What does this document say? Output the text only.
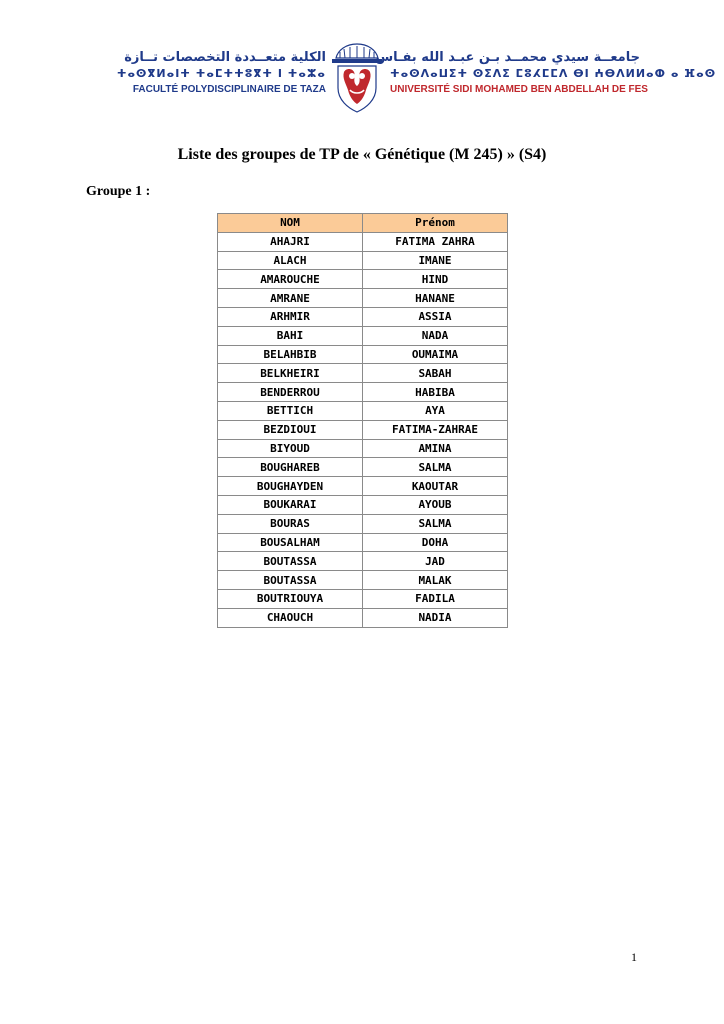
الكلية متعــددة التخصصات تــازة
ⵜⴰⵙⴳⵍⴰⵏⵜ ⵜⴰⵎⵜⵜⵓⴳⵜ ⵏ ⵜⴰⵣⴰ
FACULTÉ POLYDISCIPLINAIRE DE TAZA
جامعــة سيدي محمــد بـن عبـد الله بفـاس
ⵜⴰⵙⴷⴰⵡⵉⵜ ⵙⵉⴷⵉ ⵎⵓⵃⵎⵎⴷ ⴱⵏ ⵄⴱⴷⵍⵍⴰⵀ ⴰ ⴼⴰⵙ
UNIVERSITÉ SIDI MOHAMED BEN ABDELLAH DE FES
Liste des groupes de TP de « Génétique (M 245) » (S4)
Groupe 1 :
NOM	Prénom
AHAJRI	FATIMA ZAHRA
ALACH	IMANE
AMAROUCHE	HIND
AMRANE	HANANE
ARHMIR	ASSIA
BAHI	NADA
BELAHBIB	OUMAIMA
BELKHEIRI	SABAH
BENDERROU	HABIBA
BETTICH	AYA
BEZDIOUI	FATIMA-ZAHRAE
BIYOUD	AMINA
BOUGHAREB	SALMA
BOUGHAYDEN	KAOUTAR
BOUKARAI	AYOUB
BOURAS	SALMA
BOUSALHAM	DOHA
BOUTASSA	JAD
BOUTASSA	MALAK
BOUTRIOUYA	FADILA
CHAOUCH	NADIA
1
